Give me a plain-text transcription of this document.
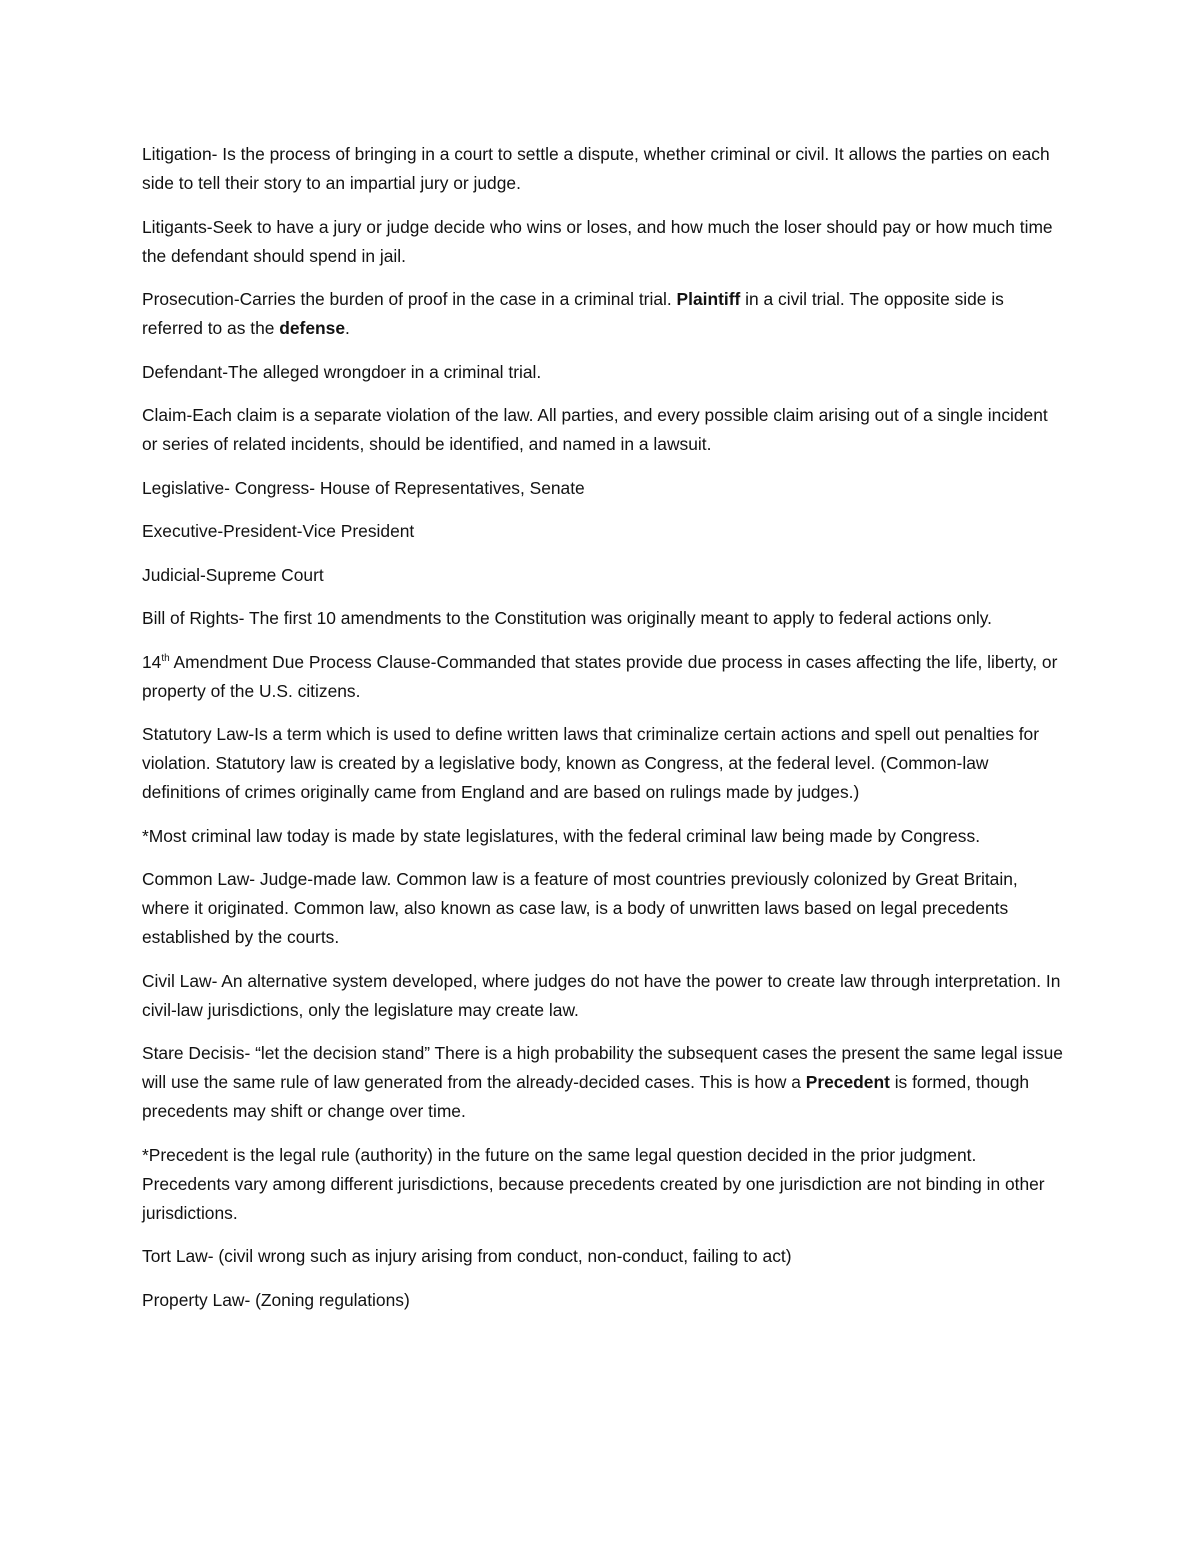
Litigation- Is the process of bringing in a court to settle a dispute, whether criminal or civil. It allows the parties on each side to tell their story to an impartial jury or judge.

Litigants-Seek to have a jury or judge decide who wins or loses, and how much the loser should pay or how much time the defendant should spend in jail.

Prosecution-Carries the burden of proof in the case in a criminal trial. Plaintiff in a civil trial. The opposite side is referred to as the defense.

Defendant-The alleged wrongdoer in a criminal trial.

Claim-Each claim is a separate violation of the law. All parties, and every possible claim arising out of a single incident or series of related incidents, should be identified, and named in a lawsuit.

Legislative- Congress- House of Representatives, Senate

Executive-President-Vice President

Judicial-Supreme Court

Bill of Rights- The first 10 amendments to the Constitution was originally meant to apply to federal actions only.

14th Amendment Due Process Clause-Commanded that states provide due process in cases affecting the life, liberty, or property of the U.S. citizens.

Statutory Law-Is a term which is used to define written laws that criminalize certain actions and spell out penalties for violation. Statutory law is created by a legislative body, known as Congress, at the federal level. (Common-law definitions of crimes originally came from England and are based on rulings made by judges.)

*Most criminal law today is made by state legislatures, with the federal criminal law being made by Congress.

Common Law- Judge-made law. Common law is a feature of most countries previously colonized by Great Britain, where it originated. Common law, also known as case law, is a body of unwritten laws based on legal precedents established by the courts.

Civil Law- An alternative system developed, where judges do not have the power to create law through interpretation. In civil-law jurisdictions, only the legislature may create law.

Stare Decisis- “let the decision stand” There is a high probability the subsequent cases the present the same legal issue will use the same rule of law generated from the already-decided cases. This is how a Precedent is formed, though precedents may shift or change over time.

*Precedent is the legal rule (authority) in the future on the same legal question decided in the prior judgment. Precedents vary among different jurisdictions, because precedents created by one jurisdiction are not binding in other jurisdictions.

Tort Law- (civil wrong such as injury arising from conduct, non-conduct, failing to act)

Property Law- (Zoning regulations)
